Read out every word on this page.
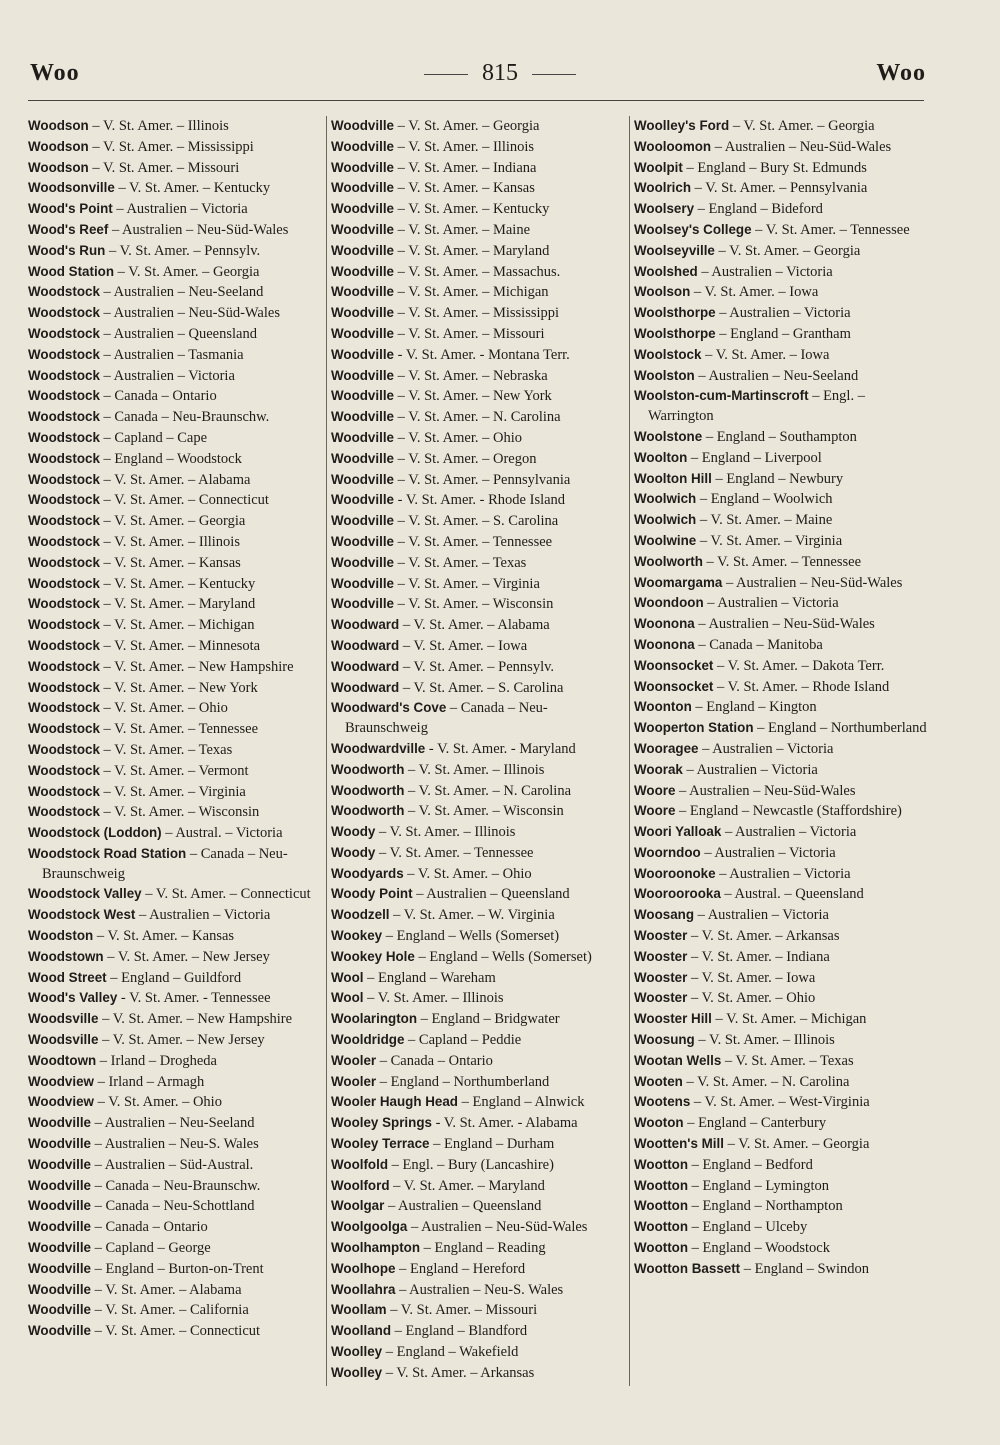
Woo	815	Woo
Woodson – V. St. Amer. – Illinois
Woodson – V. St. Amer. – Mississippi
Woodson – V. St. Amer. – Missouri
Woodsonville – V. St. Amer. – Kentucky
Wood's Point – Australien – Victoria
Wood's Reef – Australien – Neu-Süd-Wales
Wood's Run – V. St. Amer. – Pennsylv.
Wood Station – V. St. Amer. – Georgia
Woodstock – Australien – Neu-Seeland
Woodstock – Australien – Neu-Süd-Wales
Woodstock – Australien – Queensland
Woodstock – Australien – Tasmania
Woodstock – Australien – Victoria
Woodstock – Canada – Ontario
Woodstock – Canada – Neu-Braunschw.
Woodstock – Capland – Cape
Woodstock – England – Woodstock
Woodstock – V. St. Amer. – Alabama
Woodstock – V. St. Amer. – Connecticut
Woodstock – V. St. Amer. – Georgia
Woodstock – V. St. Amer. – Illinois
Woodstock – V. St. Amer. – Kansas
Woodstock – V. St. Amer. – Kentucky
Woodstock – V. St. Amer. – Maryland
Woodstock – V. St. Amer. – Michigan
Woodstock – V. St. Amer. – Minnesota
Woodstock – V. St. Amer. – New Hampshire
Woodstock – V. St. Amer. – New York
Woodstock – V. St. Amer. – Ohio
Woodstock – V. St. Amer. – Tennessee
Woodstock – V. St. Amer. – Texas
Woodstock – V. St. Amer. – Vermont
Woodstock – V. St. Amer. – Virginia
Woodstock – V. St. Amer. – Wisconsin
Woodstock (Loddon) – Austral. – Victoria
Woodstock Road Station – Canada – Neu-Braunschweig
Woodstock Valley – V. St. Amer. – Connecticut
Woodstock West – Australien – Victoria
Woodston – V. St. Amer. – Kansas
Woodstown – V. St. Amer. – New Jersey
Wood Street – England – Guildford
Wood's Valley - V. St. Amer. - Tennessee
Woodsville – V. St. Amer. – New Hampshire
Woodsville – V. St. Amer. – New Jersey
Woodtown – Irland – Drogheda
Woodview – Irland – Armagh
Woodview – V. St. Amer. – Ohio
Woodville – Australien – Neu-Seeland
Woodville – Australien – Neu-S. Wales
Woodville – Australien – Süd-Austral.
Woodville – Canada – Neu-Braunschw.
Woodville – Canada – Neu-Schottland
Woodville – Canada – Ontario
Woodville – Capland – George
Woodville – England – Burton-on-Trent
Woodville – V. St. Amer. – Alabama
Woodville – V. St. Amer. – California
Woodville – V. St. Amer. – Connecticut
Woodville – V. St. Amer. – Georgia
Woodville – V. St. Amer. – Illinois
Woodville – V. St. Amer. – Indiana
Woodville – V. St. Amer. – Kansas
Woodville – V. St. Amer. – Kentucky
Woodville – V. St. Amer. – Maine
Woodville – V. St. Amer. – Maryland
Woodville – V. St. Amer. – Massachus.
Woodville – V. St. Amer. – Michigan
Woodville – V. St. Amer. – Mississippi
Woodville – V. St. Amer. – Missouri
Woodville - V. St. Amer. - Montana Terr.
Woodville – V. St. Amer. – Nebraska
Woodville – V. St. Amer. – New York
Woodville – V. St. Amer. – N. Carolina
Woodville – V. St. Amer. – Ohio
Woodville – V. St. Amer. – Oregon
Woodville – V. St. Amer. – Pennsylvania
Woodville - V. St. Amer. - Rhode Island
Woodville – V. St. Amer. – S. Carolina
Woodville – V. St. Amer. – Tennessee
Woodville – V. St. Amer. – Texas
Woodville – V. St. Amer. – Virginia
Woodville – V. St. Amer. – Wisconsin
Woodward – V. St. Amer. – Alabama
Woodward – V. St. Amer. – Iowa
Woodward – V. St. Amer. – Pennsylv.
Woodward – V. St. Amer. – S. Carolina
Woodward's Cove – Canada – Neu-Braunschweig
Woodwardville - V. St. Amer. - Maryland
Woodworth – V. St. Amer. – Illinois
Woodworth – V. St. Amer. – N. Carolina
Woodworth – V. St. Amer. – Wisconsin
Woody – V. St. Amer. – Illinois
Woody – V. St. Amer. – Tennessee
Woodyards – V. St. Amer. – Ohio
Woody Point – Australien – Queensland
Woodzell – V. St. Amer. – W. Virginia
Wookey – England – Wells (Somerset)
Wookey Hole – England – Wells (Somerset)
Wool – England – Wareham
Wool – V. St. Amer. – Illinois
Woolarington – England – Bridgwater
Wooldridge – Capland – Peddie
Wooler – Canada – Ontario
Wooler – England – Northumberland
Wooler Haugh Head – England – Alnwick
Wooley Springs - V. St. Amer. - Alabama
Wooley Terrace – England – Durham
Woolfold – Engl. – Bury (Lancashire)
Woolford – V. St. Amer. – Maryland
Woolgar – Australien – Queensland
Woolgoolga – Australien – Neu-Süd-Wales
Woolhampton – England – Reading
Woolhope – England – Hereford
Woollahra – Australien – Neu-S. Wales
Woollam – V. St. Amer. – Missouri
Woolland – England – Blandford
Woolley – England – Wakefield
Woolley – V. St. Amer. – Arkansas
Woolley's Ford – V. St. Amer. – Georgia
Wooloomon – Australien – Neu-Süd-Wales
Woolpit – England – Bury St. Edmunds
Woolrich – V. St. Amer. – Pennsylvania
Woolsery – England – Bideford
Woolsey's College – V. St. Amer. – Tennessee
Woolseyville – V. St. Amer. – Georgia
Woolshed – Australien – Victoria
Woolson – V. St. Amer. – Iowa
Woolsthorpe – Australien – Victoria
Woolsthorpe – England – Grantham
Woolstock – V. St. Amer. – Iowa
Woolston – Australien – Neu-Seeland
Woolston-cum-Martinscroft – Engl. – Warrington
Woolstone – England – Southampton
Woolton – England – Liverpool
Woolton Hill – England – Newbury
Woolwich – England – Woolwich
Woolwich – V. St. Amer. – Maine
Woolwine – V. St. Amer. – Virginia
Woolworth – V. St. Amer. – Tennessee
Woomargama – Australien – Neu-Süd-Wales
Woondoon – Australien – Victoria
Woonona – Australien – Neu-Süd-Wales
Woonona – Canada – Manitoba
Woonsocket – V. St. Amer. – Dakota Terr.
Woonsocket – V. St. Amer. – Rhode Island
Woonton – England – Kington
Wooperton Station – England – Northumberland
Wooragee – Australien – Victoria
Woorak – Australien – Victoria
Woore – Australien – Neu-Süd-Wales
Woore – England – Newcastle (Staffordshire)
Woori Yalloak – Australien – Victoria
Woorndoo – Australien – Victoria
Wooroonoke – Australien – Victoria
Wooroorooka – Austral. – Queensland
Woosang – Australien – Victoria
Wooster – V. St. Amer. – Arkansas
Wooster – V. St. Amer. – Indiana
Wooster – V. St. Amer. – Iowa
Wooster – V. St. Amer. – Ohio
Wooster Hill – V. St. Amer. – Michigan
Woosung – V. St. Amer. – Illinois
Wootan Wells – V. St. Amer. – Texas
Wooten – V. St. Amer. – N. Carolina
Wootens – V. St. Amer. – West-Virginia
Wooton – England – Canterbury
Wootten's Mill – V. St. Amer. – Georgia
Wootton – England – Bedford
Wootton – England – Lymington
Wootton – England – Northampton
Wootton – England – Ulceby
Wootton – England – Woodstock
Wootton Bassett – England – Swindon
